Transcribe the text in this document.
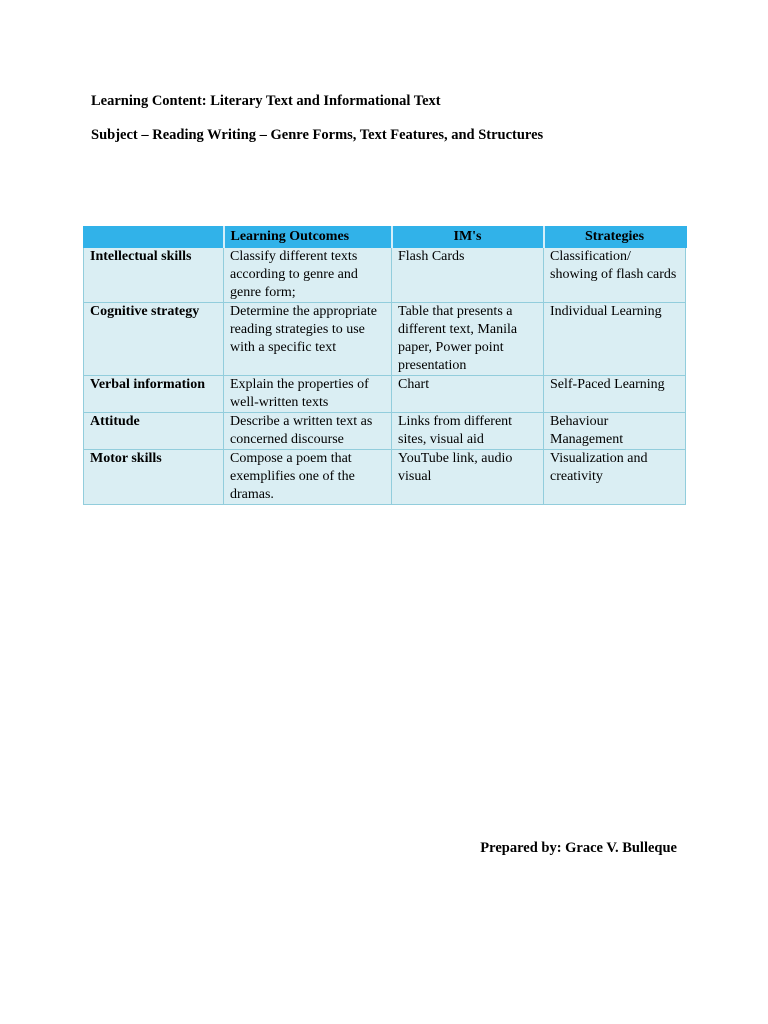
Learning Content: Literary Text and Informational Text
Subject – Reading Writing – Genre Forms, Text Features, and Structures
	Learning Outcomes	IM's	Strategies
Intellectual skills	Classify different texts according to genre and genre form;	Flash Cards	Classification/ showing of flash cards
Cognitive strategy	Determine the appropriate reading strategies to use with a specific text	Table that presents a different text, Manila paper, Power point presentation	Individual Learning
Verbal information	Explain the properties of well-written texts	Chart	Self-Paced Learning
Attitude	Describe a written text as concerned discourse	Links from different sites, visual aid	Behaviour Management
Motor skills	Compose a poem that exemplifies one of the dramas.	YouTube link, audio visual	Visualization and creativity
Prepared by: Grace V. Bulleque
